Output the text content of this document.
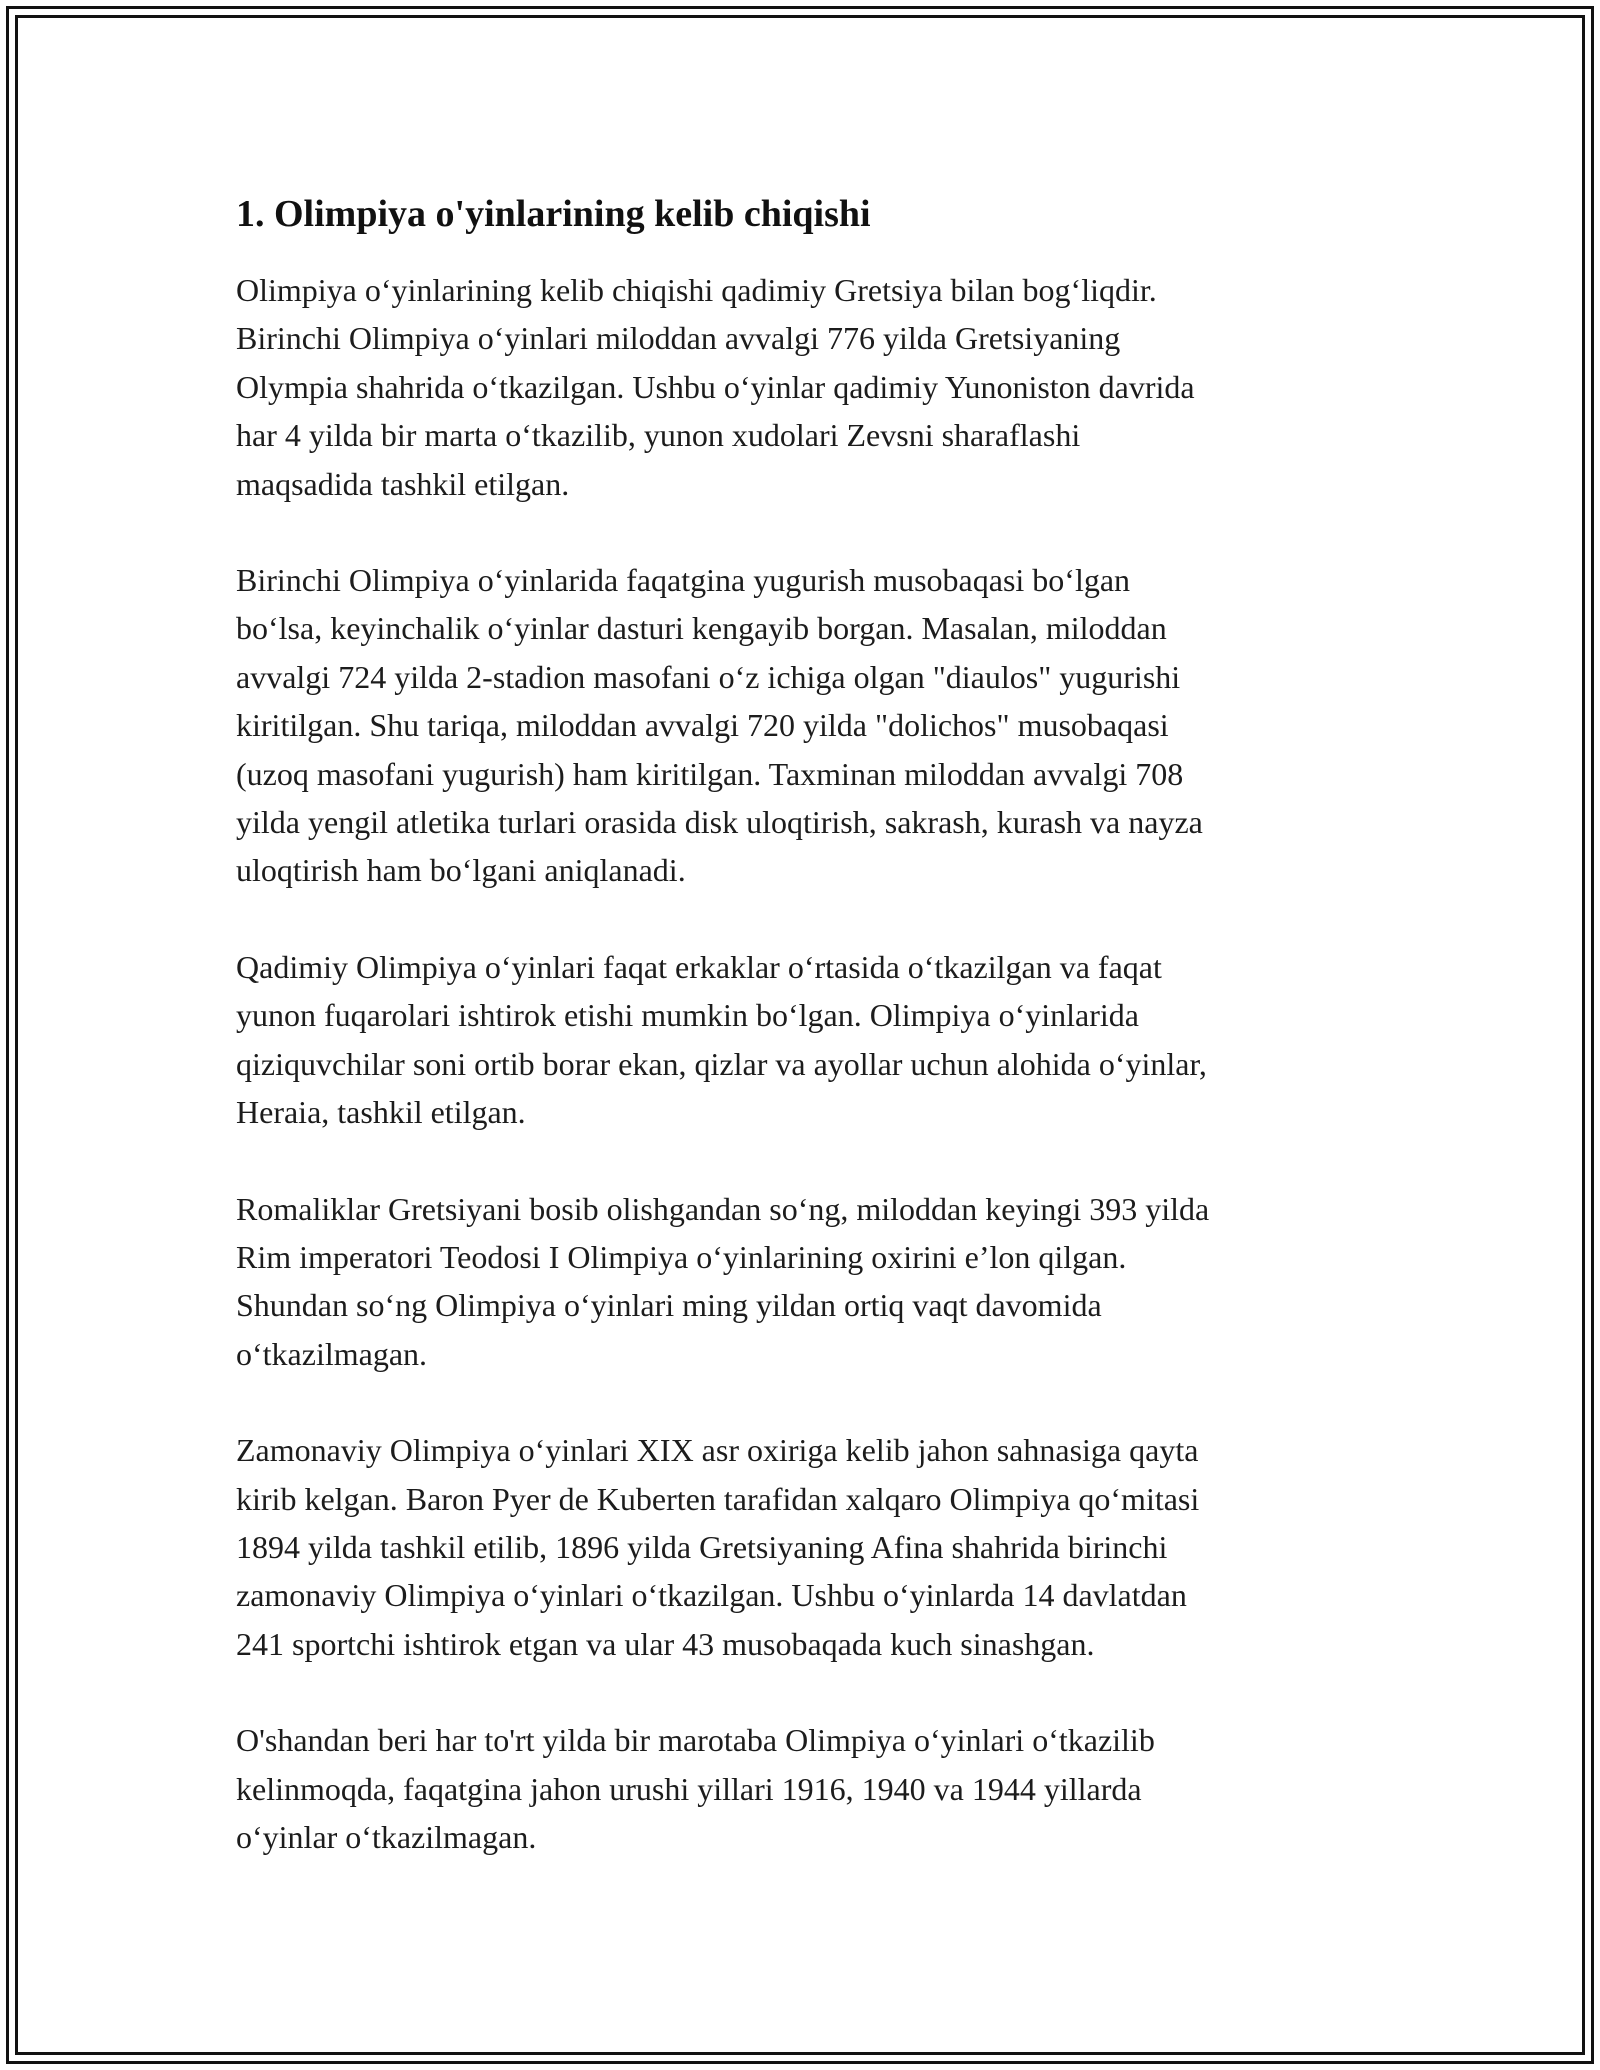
1. Olimpiya o'yinlarining kelib chiqishi

Olimpiya o‘yinlarining kelib chiqishi qadimiy Gretsiya bilan bog‘liqdir.
Birinchi Olimpiya o‘yinlari miloddan avvalgi 776 yilda Gretsiyaning
Olympia shahrida o‘tkazilgan. Ushbu o‘yinlar qadimiy Yunoniston davrida
har 4 yilda bir marta o‘tkazilib, yunon xudolari Zevsni sharaflashi
maqsadida tashkil etilgan.

Birinchi Olimpiya o‘yinlarida faqatgina yugurish musobaqasi bo‘lgan
bo‘lsa, keyinchalik o‘yinlar dasturi kengayib borgan. Masalan, miloddan
avvalgi 724 yilda 2-stadion masofani o‘z ichiga olgan "diaulos" yugurishi
kiritilgan. Shu tariqa, miloddan avvalgi 720 yilda "dolichos" musobaqasi
(uzoq masofani yugurish) ham kiritilgan. Taxminan miloddan avvalgi 708
yilda yengil atletika turlari orasida disk uloqtirish, sakrash, kurash va nayza
uloqtirish ham bo‘lgani aniqlanadi.

Qadimiy Olimpiya o‘yinlari faqat erkaklar o‘rtasida o‘tkazilgan va faqat
yunon fuqarolari ishtirok etishi mumkin bo‘lgan. Olimpiya o‘yinlarida
qiziquvchilar soni ortib borar ekan, qizlar va ayollar uchun alohida o‘yinlar,
Heraia, tashkil etilgan.

Romaliklar Gretsiyani bosib olishgandan so‘ng, miloddan keyingi 393 yilda
Rim imperatori Teodosi I Olimpiya o‘yinlarining oxirini e’lon qilgan.
Shundan so‘ng Olimpiya o‘yinlari ming yildan ortiq vaqt davomida
o‘tkazilmagan.

Zamonaviy Olimpiya o‘yinlari XIX asr oxiriga kelib jahon sahnasiga qayta
kirib kelgan. Baron Pyer de Kuberten tarafidan xalqaro Olimpiya qo‘mitasi
1894 yilda tashkil etilib, 1896 yilda Gretsiyaning Afina shahrida birinchi
zamonaviy Olimpiya o‘yinlari o‘tkazilgan. Ushbu o‘yinlarda 14 davlatdan
241 sportchi ishtirok etgan va ular 43 musobaqada kuch sinashgan.

O'shandan beri har to'rt yilda bir marotaba Olimpiya o‘yinlari o‘tkazilib
kelinmoqda, faqatgina jahon urushi yillari 1916, 1940 va 1944 yillarda
o‘yinlar o‘tkazilmagan.
